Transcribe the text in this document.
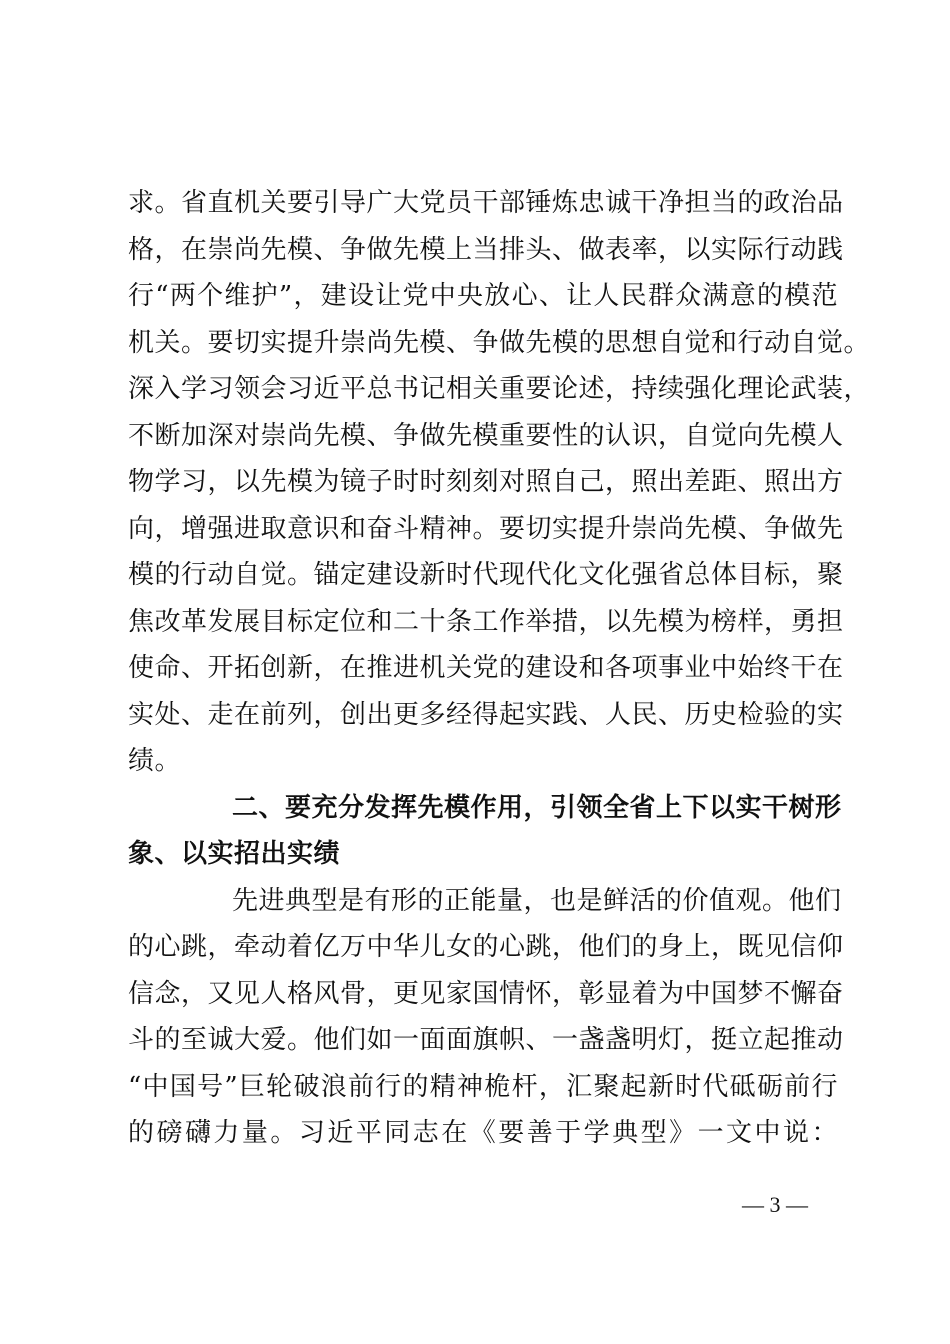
求。省直机关要引导广大党员干部锤炼忠诚干净担当的政治品
格，在崇尚先模、争做先模上当排头、做表率，以实际行动践
行“两个维护”，建设让党中央放心、让人民群众满意的模范
机关。要切实提升崇尚先模、争做先模的思想自觉和行动自觉。
深入学习领会习近平总书记相关重要论述，持续强化理论武装，
不断加深对崇尚先模、争做先模重要性的认识，自觉向先模人
物学习，以先模为镜子时时刻刻对照自己，照出差距、照出方
向，增强进取意识和奋斗精神。要切实提升崇尚先模、争做先
模的行动自觉。锚定建设新时代现代化文化强省总体目标，聚
焦改革发展目标定位和二十条工作举措，以先模为榜样，勇担
使命、开拓创新，在推进机关党的建设和各项事业中始终干在
实处、走在前列，创出更多经得起实践、人民、历史检验的实
绩。
二、要充分发挥先模作用，引领全省上下以实干树形
象、以实招出实绩
先进典型是有形的正能量，也是鲜活的价值观。他们
的心跳，牵动着亿万中华儿女的心跳，他们的身上，既见信仰
信念，又见人格风骨，更见家国情怀，彰显着为中国梦不懈奋
斗的至诚大爱。他们如一面面旗帜、一盏盏明灯，挺立起推动
“中国号”巨轮破浪前行的精神桅杆，汇聚起新时代砥砺前行
的磅礴力量。习近平同志在《要善于学典型》一文中说：
— 3 —
